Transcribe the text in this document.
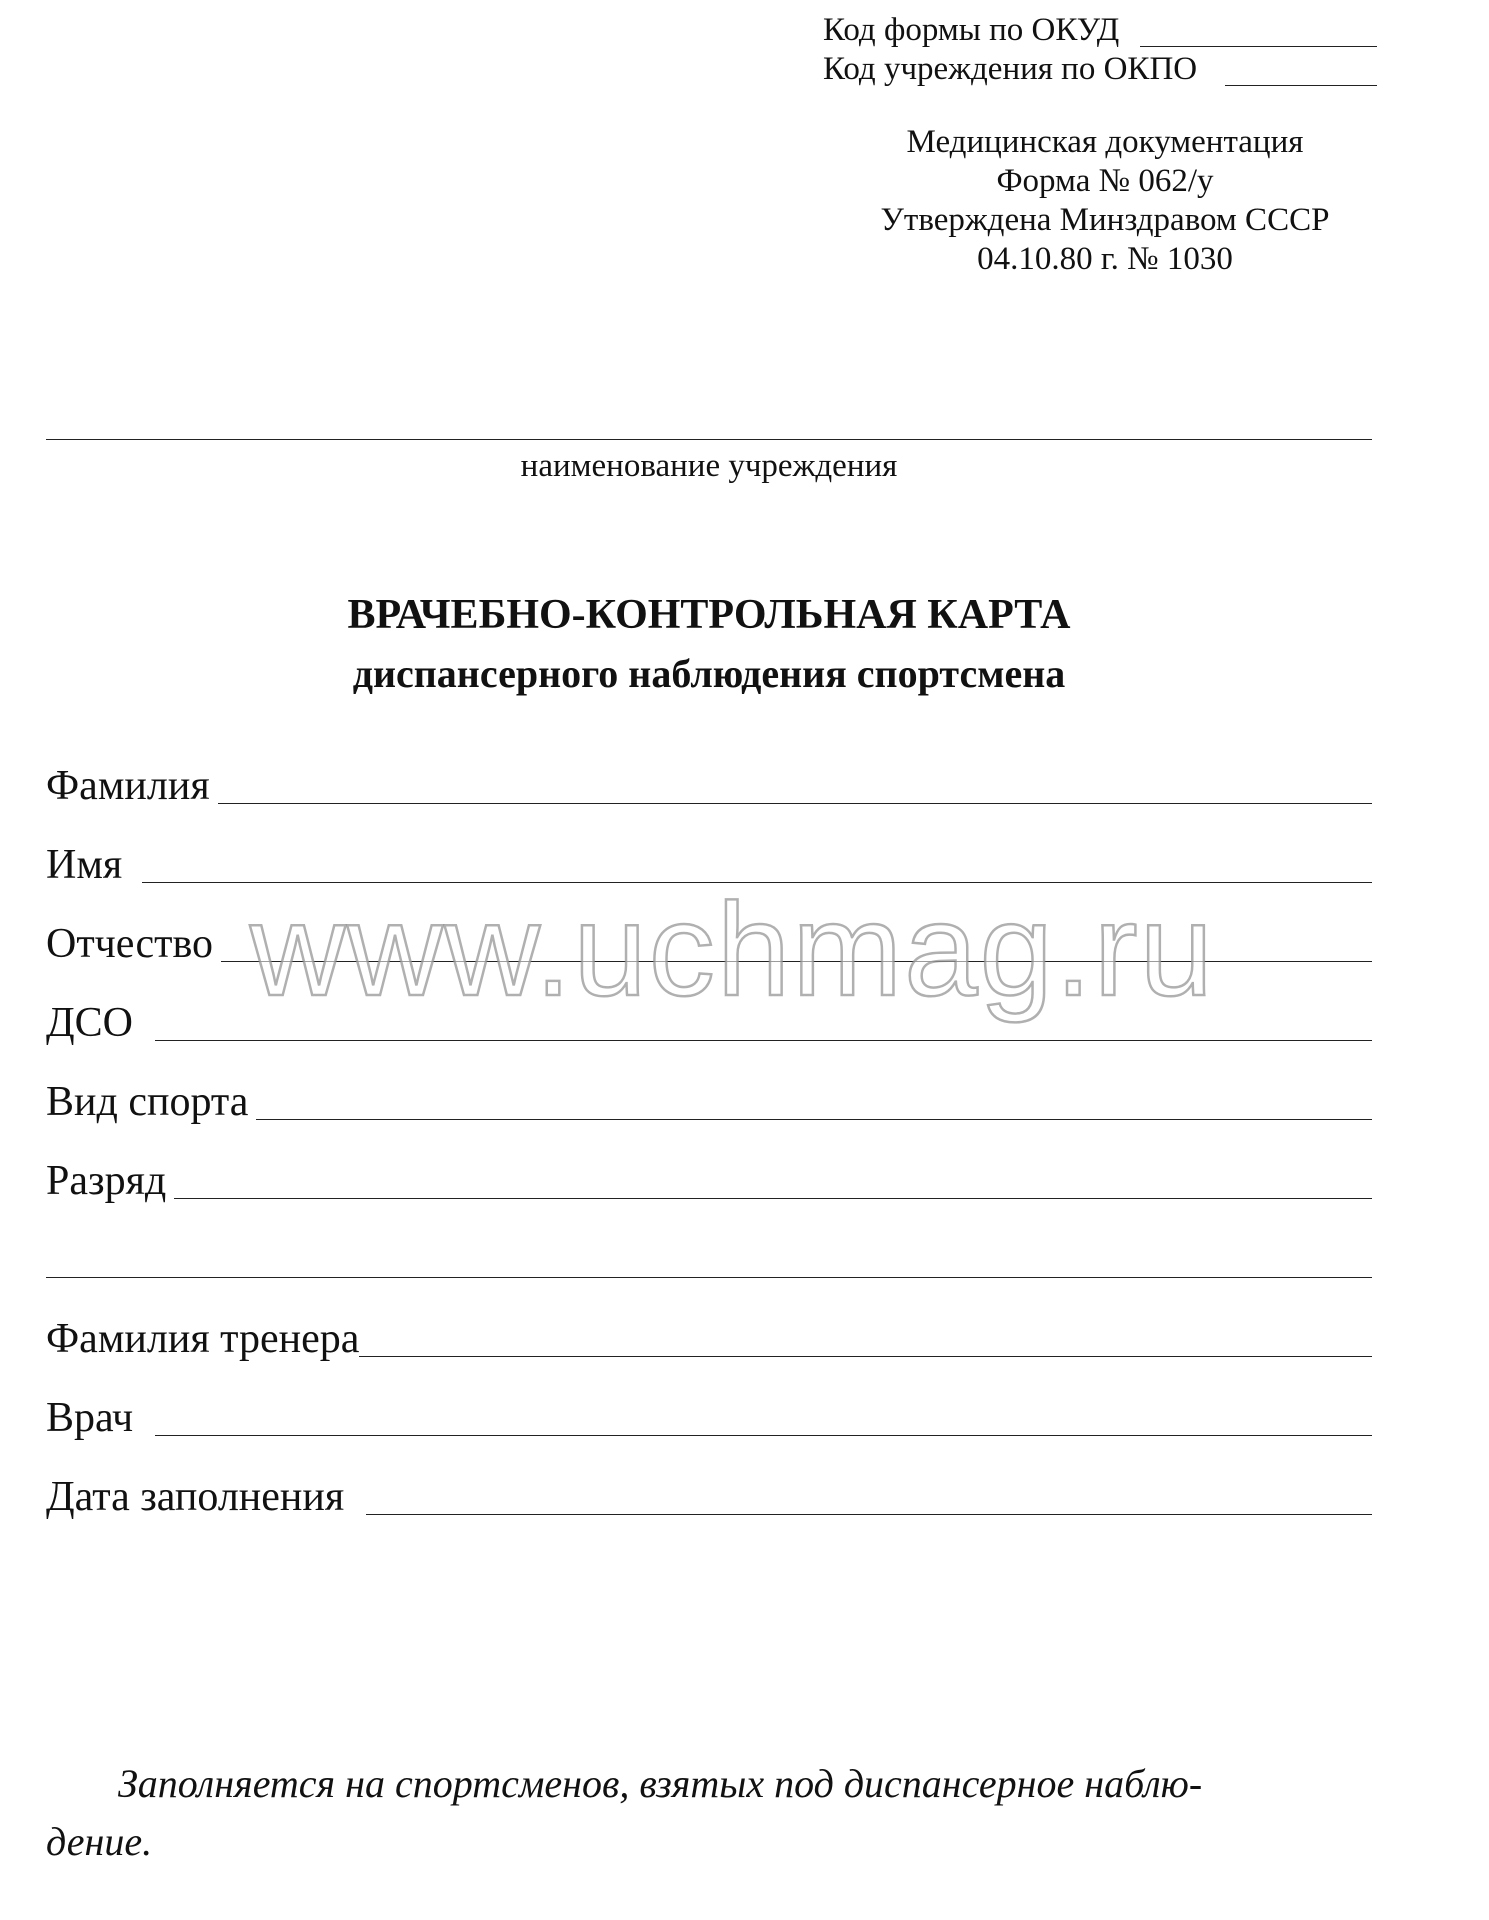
Код формы по ОКУД
Код учреждения по ОКПО
Медицинская документация
Форма № 062/у
Утверждена Минздравом СССР
04.10.80 г. № 1030
наименование учреждения
ВРАЧЕБНО-КОНТРОЛЬНАЯ КАРТА
диспансерного наблюдения спортсмена
Фамилия
Имя
Отчество
ДСО
Вид спорта
Разряд
Фамилия тренера
Врач
Дата заполнения
www.uchmag.ru
Заполняется на спортсменов, взятых под диспансерное наблю-
дение.
